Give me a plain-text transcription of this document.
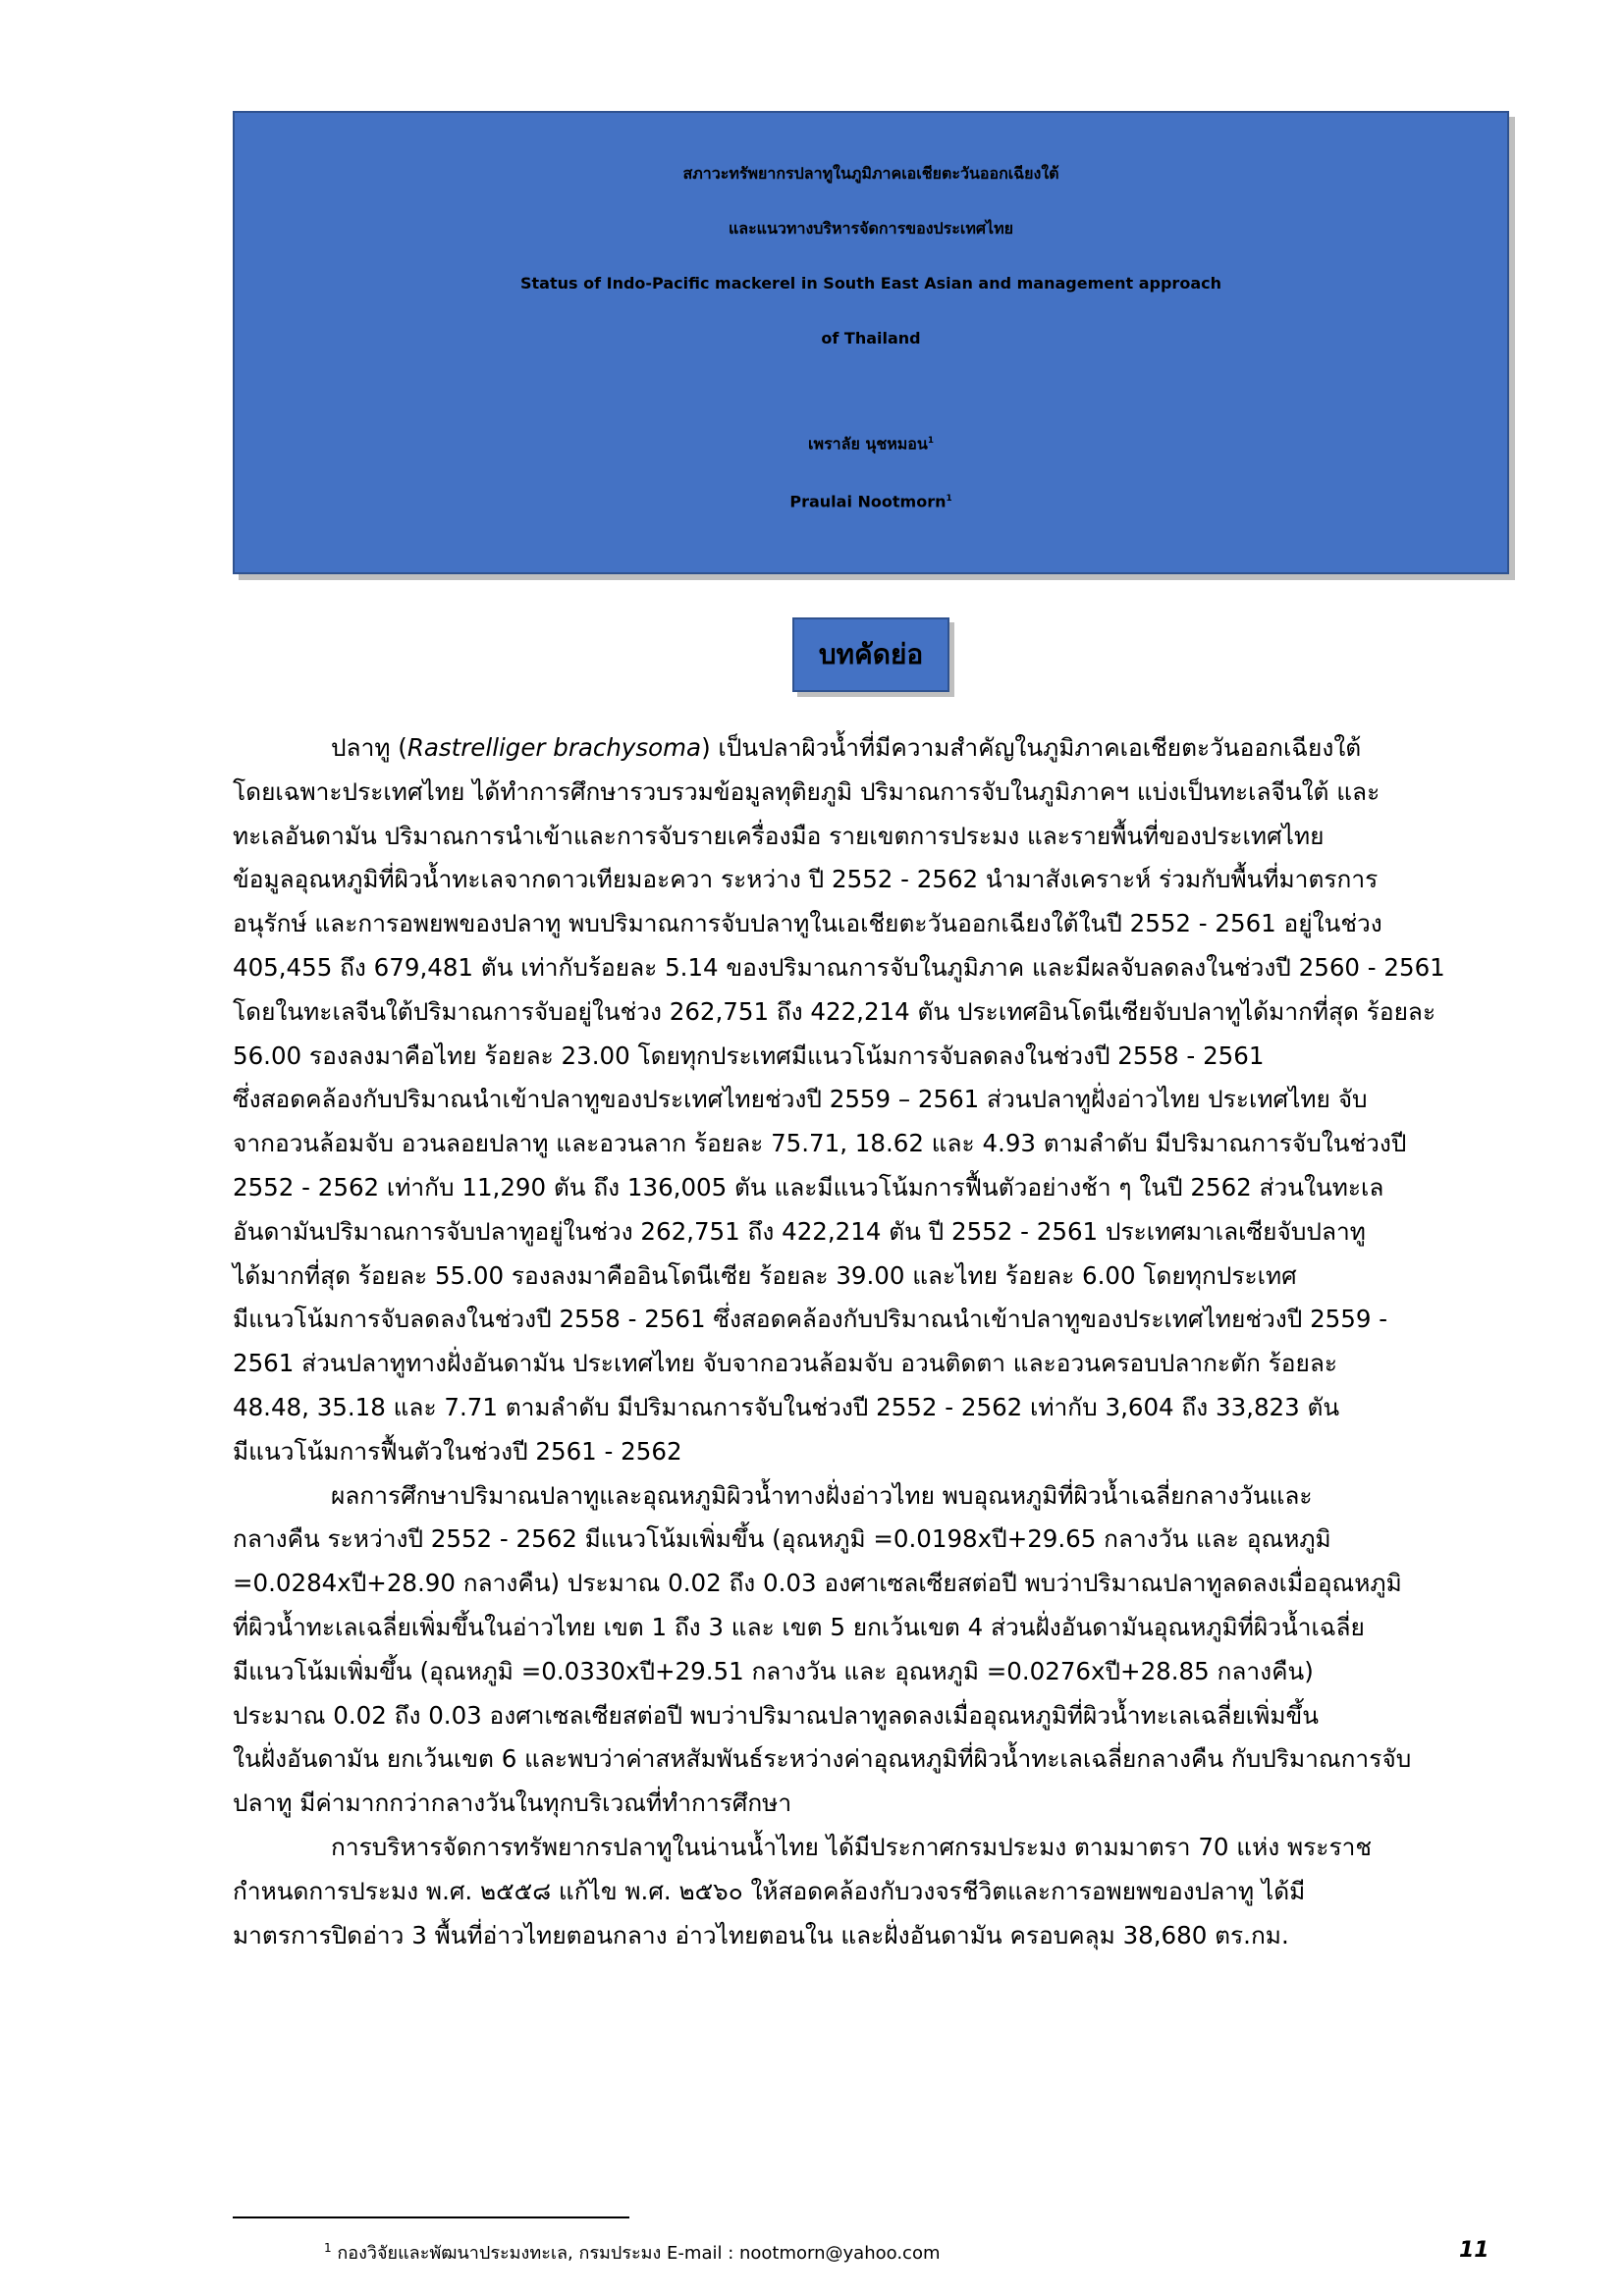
สภาวะทรัพยากรปลาทูในภูมิภาคเอเชียตะวันออกเฉียงใต้
และแนวทางบริหารจัดการของประเทศไทย
Status of Indo-Pacific mackerel in South East Asian and management approach
of Thailand
เพราลัย นุชหมอน$^1$
Praulai Nootmorn$^1$
บทคัดย่อ
ปลาทู (Rastrelliger brachysoma) เป็นปลาผิวน้ำที่มีความสำคัญในภูมิภาคเอเชียตะวันออกเฉียงใต้
โดยเฉพาะประเทศไทย ได้ทำการศึกษารวบรวมข้อมูลทุติยภูมิ ปริมาณการจับในภูมิภาคฯ แบ่งเป็นทะเลจีนใต้ และ
ทะเลอันดามัน ปริมาณการนำเข้าและการจับรายเครื่องมือ รายเขตการประมง และรายพื้นที่ของประเทศไทย
ข้อมูลอุณหภูมิที่ผิวน้ำทะเลจากดาวเทียมอะควา ระหว่าง ปี 2552 - 2562 นำมาสังเคราะห์ ร่วมกับพื้นที่มาตรการ
อนุรักษ์ และการอพยพของปลาทู พบปริมาณการจับปลาทูในเอเชียตะวันออกเฉียงใต้ในปี 2552 - 2561 อยู่ในช่วง
405,455 ถึง 679,481 ตัน เท่ากับร้อยละ 5.14 ของปริมาณการจับในภูมิภาค และมีผลจับลดลงในช่วงปี 2560 - 2561
โดยในทะเลจีนใต้ปริมาณการจับอยู่ในช่วง 262,751 ถึง 422,214 ตัน ประเทศอินโดนีเซียจับปลาทูได้มากที่สุด ร้อยละ
56.00 รองลงมาคือไทย ร้อยละ 23.00 โดยทุกประเทศมีแนวโน้มการจับลดลงในช่วงปี 2558 - 2561
ซึ่งสอดคล้องกับปริมาณนำเข้าปลาทูของประเทศไทยช่วงปี 2559 – 2561 ส่วนปลาทูฝั่งอ่าวไทย ประเทศไทย จับ
จากอวนล้อมจับ อวนลอยปลาทู และอวนลาก ร้อยละ 75.71, 18.62 และ 4.93 ตามลำดับ มีปริมาณการจับในช่วงปี
2552 - 2562 เท่ากับ 11,290 ตัน ถึง 136,005 ตัน และมีแนวโน้มการฟื้นตัวอย่างช้า ๆ ในปี 2562 ส่วนในทะเล
อันดามันปริมาณการจับปลาทูอยู่ในช่วง 262,751 ถึง 422,214 ตัน ปี 2552 - 2561 ประเทศมาเลเซียจับปลาทู
ได้มากที่สุด ร้อยละ 55.00 รองลงมาคืออินโดนีเซีย ร้อยละ 39.00 และไทย ร้อยละ 6.00 โดยทุกประเทศ
มีแนวโน้มการจับลดลงในช่วงปี 2558 - 2561 ซึ่งสอดคล้องกับปริมาณนำเข้าปลาทูของประเทศไทยช่วงปี 2559 -
2561 ส่วนปลาทูทางฝั่งอันดามัน ประเทศไทย จับจากอวนล้อมจับ อวนติดตา และอวนครอบปลากะตัก ร้อยละ
48.48, 35.18 และ 7.71 ตามลำดับ มีปริมาณการจับในช่วงปี 2552 - 2562 เท่ากับ 3,604 ถึง 33,823 ตัน
มีแนวโน้มการฟื้นตัวในช่วงปี 2561 - 2562
ผลการศึกษาปริมาณปลาทูและอุณหภูมิผิวน้ำทางฝั่งอ่าวไทย พบอุณหภูมิที่ผิวน้ำเฉลี่ยกลางวันและ
กลางคืน ระหว่างปี 2552 - 2562 มีแนวโน้มเพิ่มขึ้น (อุณหภูมิ =0.0198xปี+29.65 กลางวัน และ อุณหภูมิ
=0.0284xปี+28.90 กลางคืน) ประมาณ 0.02 ถึง 0.03 องศาเซลเซียสต่อปี พบว่าปริมาณปลาทูลดลงเมื่ออุณหภูมิ
ที่ผิวน้ำทะเลเฉลี่ยเพิ่มขึ้นในอ่าวไทย เขต 1 ถึง 3 และ เขต 5 ยกเว้นเขต 4 ส่วนฝั่งอันดามันอุณหภูมิที่ผิวน้ำเฉลี่ย
มีแนวโน้มเพิ่มขึ้น (อุณหภูมิ =0.0330xปี+29.51 กลางวัน และ อุณหภูมิ =0.0276xปี+28.85 กลางคืน)
ประมาณ 0.02 ถึง 0.03 องศาเซลเซียสต่อปี พบว่าปริมาณปลาทูลดลงเมื่ออุณหภูมิที่ผิวน้ำทะเลเฉลี่ยเพิ่มขึ้น
ในฝั่งอันดามัน ยกเว้นเขต 6 และพบว่าค่าสหสัมพันธ์ระหว่างค่าอุณหภูมิที่ผิวน้ำทะเลเฉลี่ยกลางคืน กับปริมาณการจับ
ปลาทู มีค่ามากกว่ากลางวันในทุกบริเวณที่ทำการศึกษา
การบริหารจัดการทรัพยากรปลาทูในน่านน้ำไทย ได้มีประกาศกรมประมง ตามมาตรา 70 แห่ง พระราช
กำหนดการประมง พ.ศ. ๒๕๕๘ แก้ไข พ.ศ. ๒๕๖๐ ให้สอดคล้องกับวงจรชีวิตและการอพยพของปลาทู ได้มี
มาตรการปิดอ่าว 3 พื้นที่อ่าวไทยตอนกลาง อ่าวไทยตอนใน และฝั่งอันดามัน ครอบคลุม 38,680 ตร.กม.
$^1$ กองวิจัยและพัฒนาประมงทะเล, กรมประมง E-mail : nootmorn@yahoo.com	11
